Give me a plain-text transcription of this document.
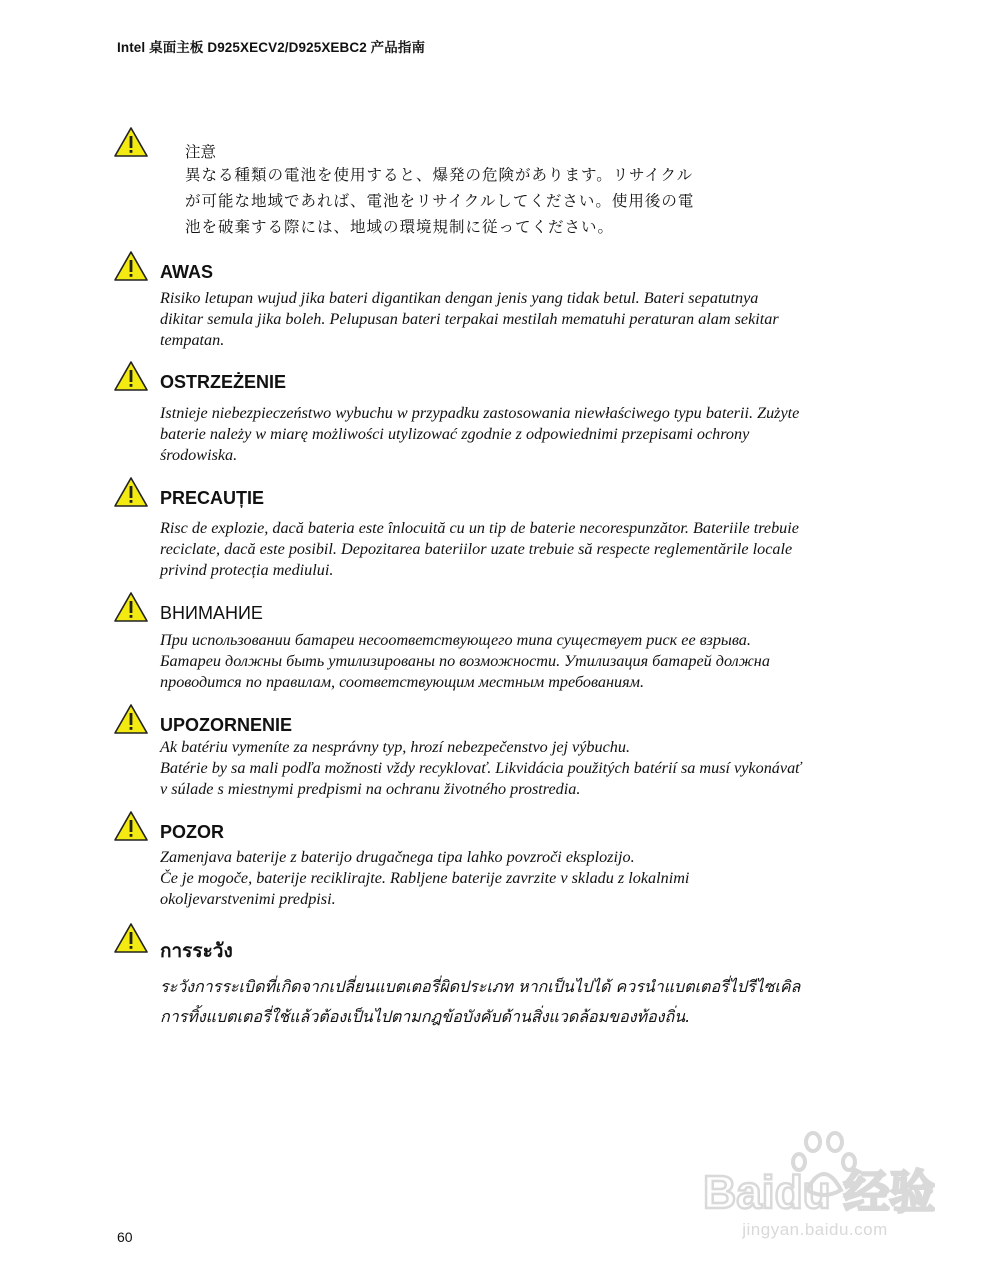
Intel 桌面主板 D925XECV2/D925XEBC2 产品指南
注意

異なる種類の電池を使用すると、爆発の危険があります。リサイクル

が可能な地域であれば、電池をリサイクルしてください。使用後の電

池を破棄する際には、地域の環境規制に従ってください。

AWAS

Risiko letupan wujud jika bateri digantikan dengan jenis yang tidak betul. Bateri sepatutnya

dikitar semula jika boleh. Pelupusan bateri terpakai mestilah mematuhi peraturan alam sekitar

tempatan.

OSTRZEŻENIE

Istnieje niebezpieczeństwo wybuchu w przypadku zastosowania niewłaściwego typu baterii. Zużyte

baterie należy w miarę możliwości utylizować zgodnie z odpowiednimi przepisami ochrony

środowiska.

PRECAUȚIE

Risc de explozie, dacă bateria este înlocuită cu un tip de baterie necorespunzător. Bateriile trebuie

reciclate, dacă este posibil. Depozitarea bateriilor uzate trebuie să respecte reglementările locale

privind protecția mediului.

ВНИМАНИЕ

При использовании батареи несоответствующего типа существует риск ее взрыва.

Батареи должны быть утилизированы по возможности. Утилизация батарей должна

проводится по правилам, соответствующим местным требованиям.

UPOZORNENIE

Ak batériu vymeníte za nesprávny typ, hrozí nebezpečenstvo jej výbuchu.

Batérie by sa mali podľa možnosti vždy recyklovať. Likvidácia použitých batérií sa musí vykonávať

v súlade s miestnymi predpismi na ochranu životného prostredia.

POZOR

Zamenjava baterije z baterijo drugačnega tipa lahko povzroči eksplozijo.

Če je mogoče, baterije reciklirajte. Rabljene baterije zavrzite v skladu z lokalnimi

okoljevarstvenimi predpisi.

การระวัง

ระวังการระเบิดที่เกิดจากเปลี่ยนแบตเตอรี่ผิดประเภท หากเป็นไปได้ ควรนำแบตเตอรี่ไปรีไซเคิล

การทิ้งแบตเตอรี่ใช้แล้วต้องเป็นไปตามกฎข้อบังคับด้านสิ่งแวดล้อมของท้องถิ่น.

60
Baidu 经验
jingyan.baidu.com
